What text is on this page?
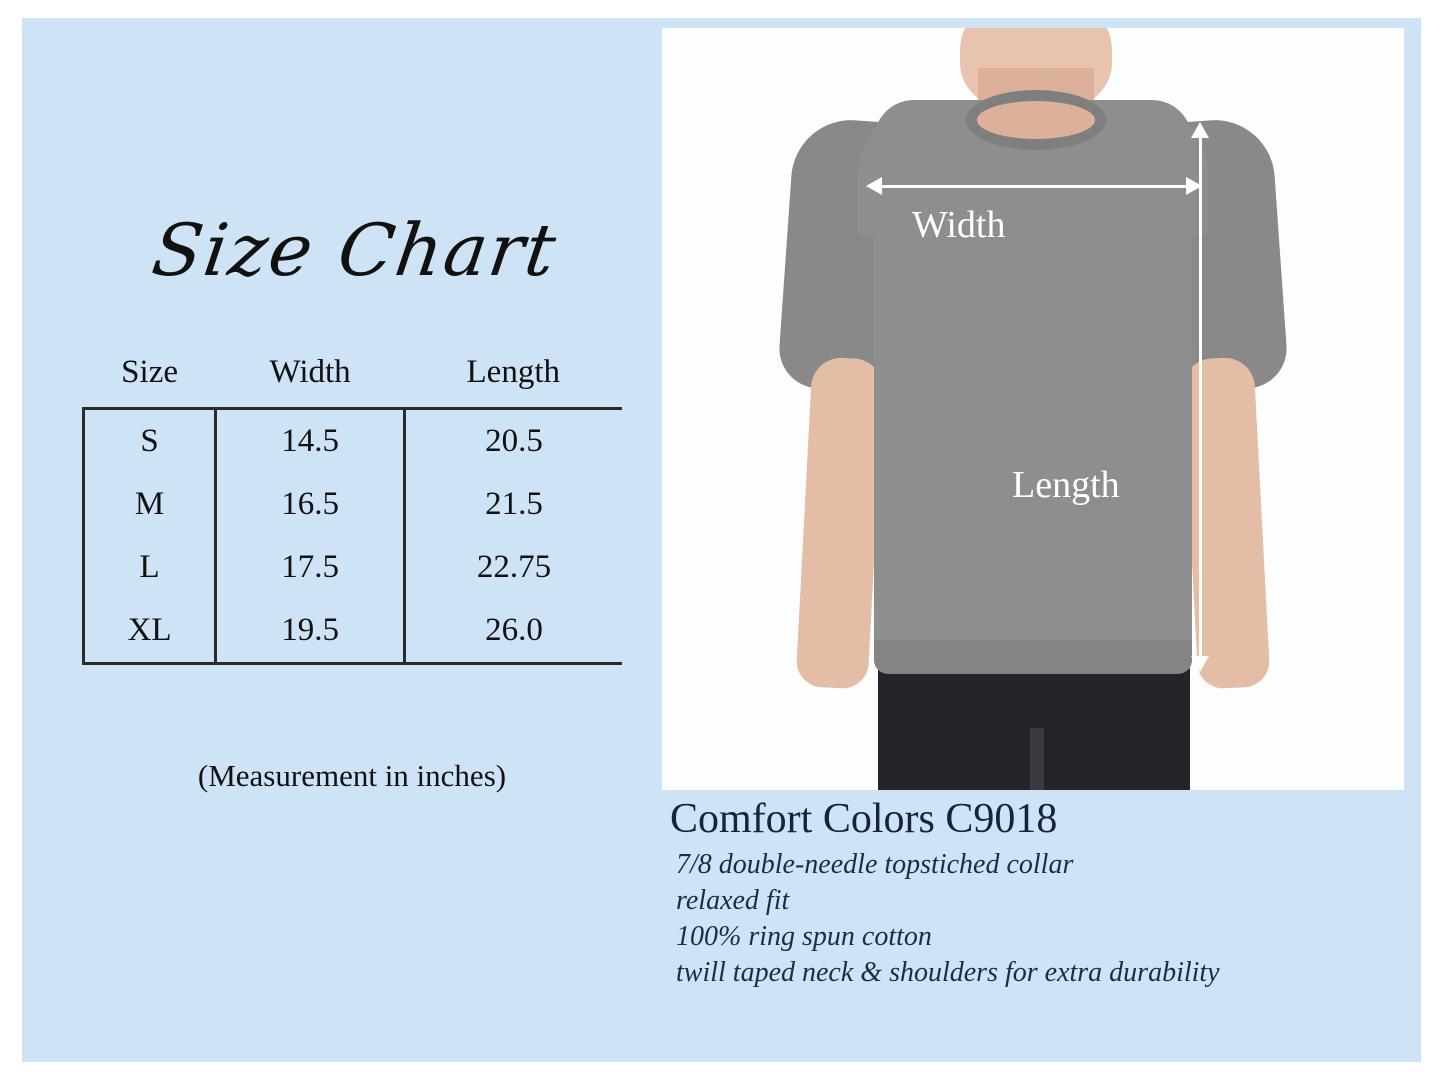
Size Chart
Size	Width	Length
S	14.5	20.5
M	16.5	21.5
L	17.5	22.75
XL	19.5	26.0
(Measurement in inches)
Width
Length
Comfort Colors C9018
7/8 double-needle topstiched collar
relaxed fit
100% ring spun cotton
twill taped neck & shoulders for extra durability
